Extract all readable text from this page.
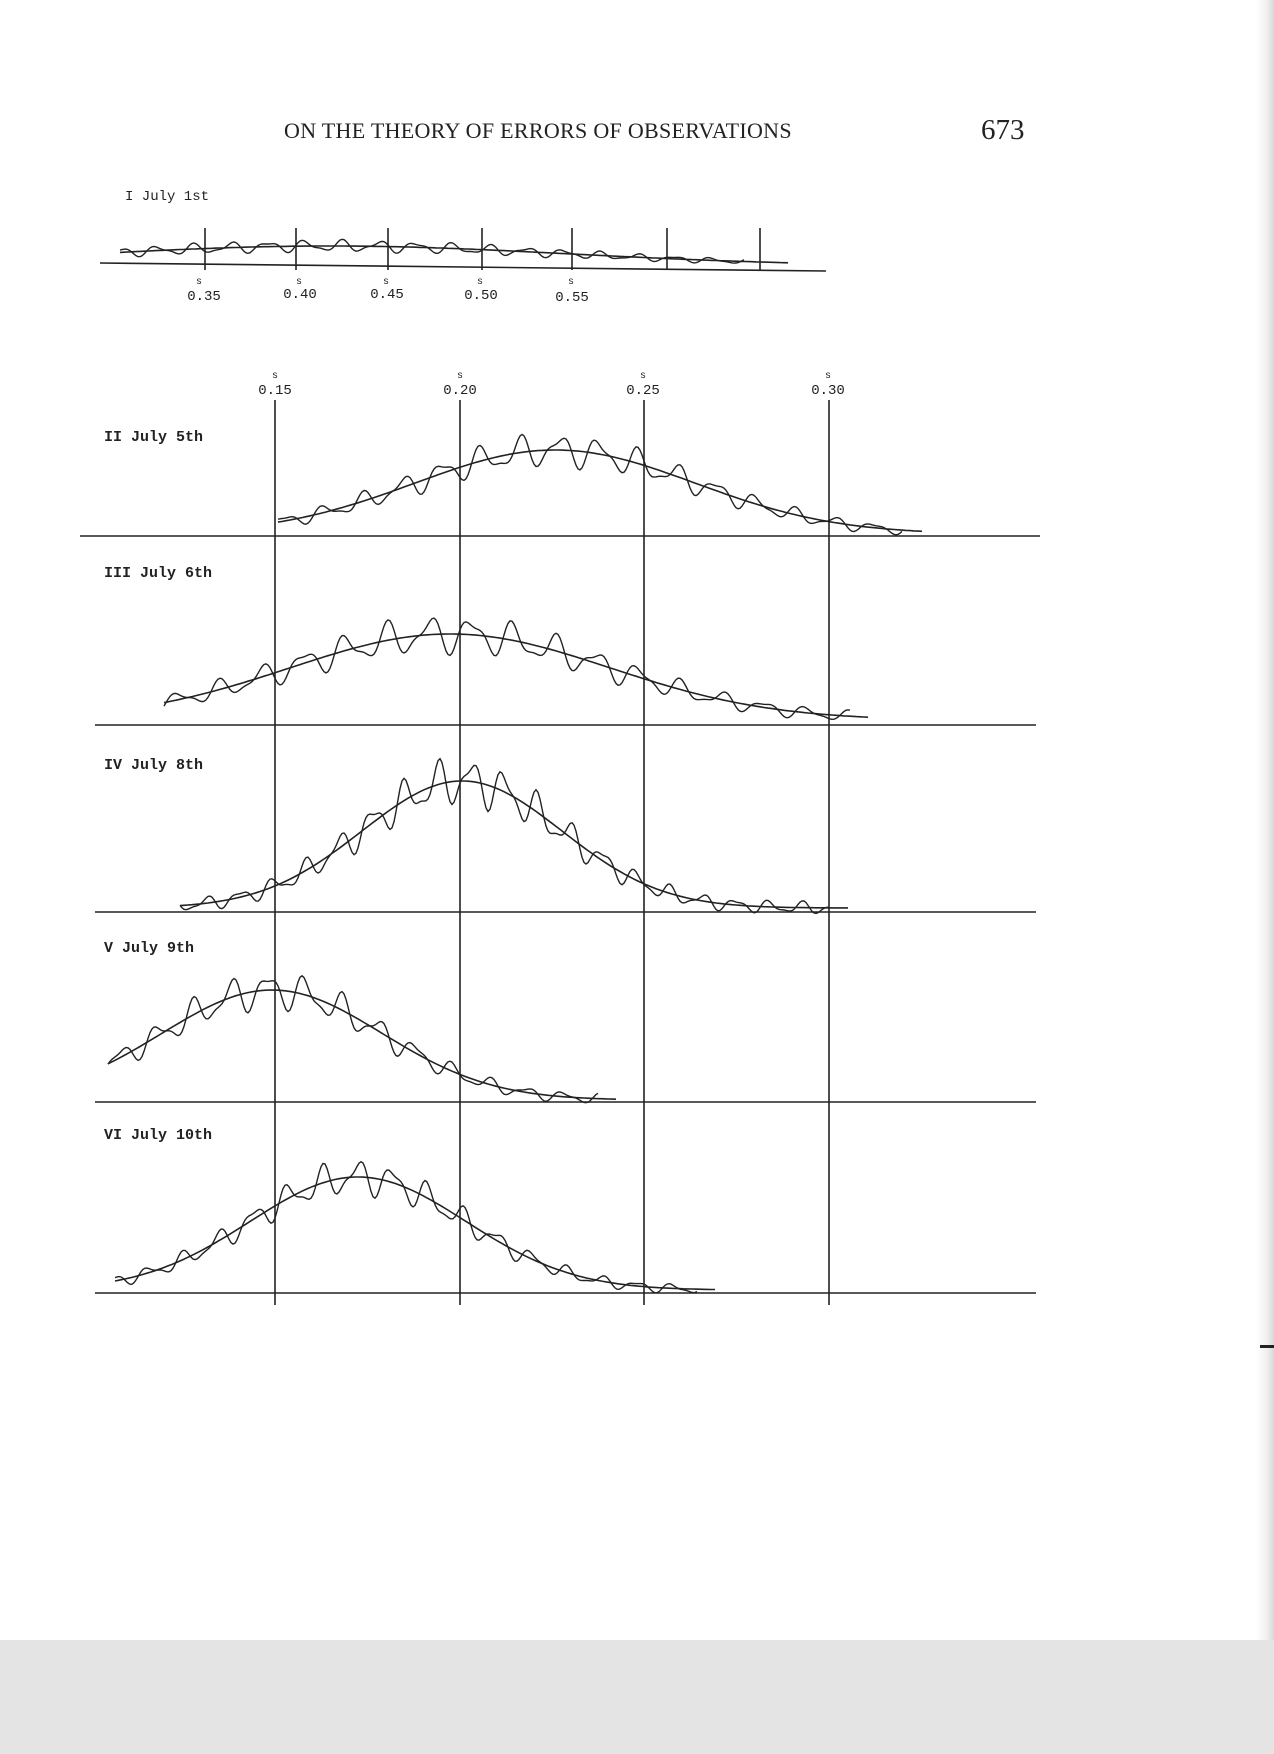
ON THE THEORY OF ERRORS OF OBSERVATIONS	673
I July 1st
s
0.35
s
0.40
s
0.45
s
0.50
s
0.55
s
0.15
s
0.20
s
0.25
s
0.30
II July 5th
III July 6th
IV July 8th
V July 9th
VI July 10th
